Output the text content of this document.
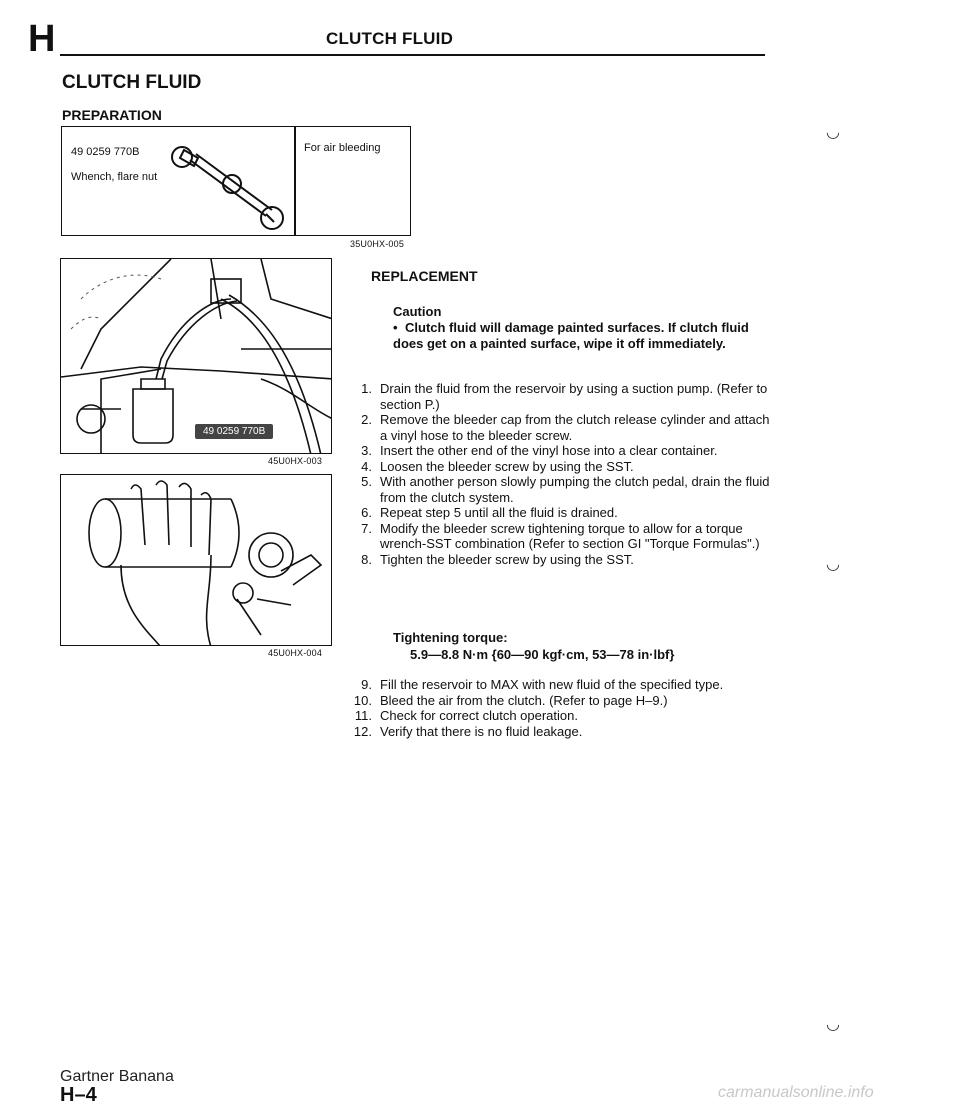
H	CLUTCH FLUID
CLUTCH FLUID
PREPARATION
49 0259 770B
Whench, flare nut
For air bleeding
35U0HX-005
49 0259 770B
45U0HX-003
45U0HX-004
REPLACEMENT
Caution
• Clutch fluid will damage painted surfaces. If clutch fluid does get on a painted surface, wipe it off immediately.
1. Drain the fluid from the reservoir by using a suction pump. (Refer to section P.)
2. Remove the bleeder cap from the clutch release cylinder and attach a vinyl hose to the bleeder screw.
3. Insert the other end of the vinyl hose into a clear container.
4. Loosen the bleeder screw by using the SST.
5. With another person slowly pumping the clutch pedal, drain the fluid from the clutch system.
6. Repeat step 5 until all the fluid is drained.
7. Modify the bleeder screw tightening torque to allow for a torque wrench-SST combination (Refer to section GI "Torque Formulas".)
8. Tighten the bleeder screw by using the SST.
Tightening torque:
5.9—8.8 N·m {60—90 kgf·cm, 53—78 in·lbf}
9. Fill the reservoir to MAX with new fluid of the specified type.
10. Bleed the air from the clutch. (Refer to page H–9.)
11. Check for correct clutch operation.
12. Verify that there is no fluid leakage.
◡
◡
◡
Gartner Banana
H–4	carmanualsonline.info
